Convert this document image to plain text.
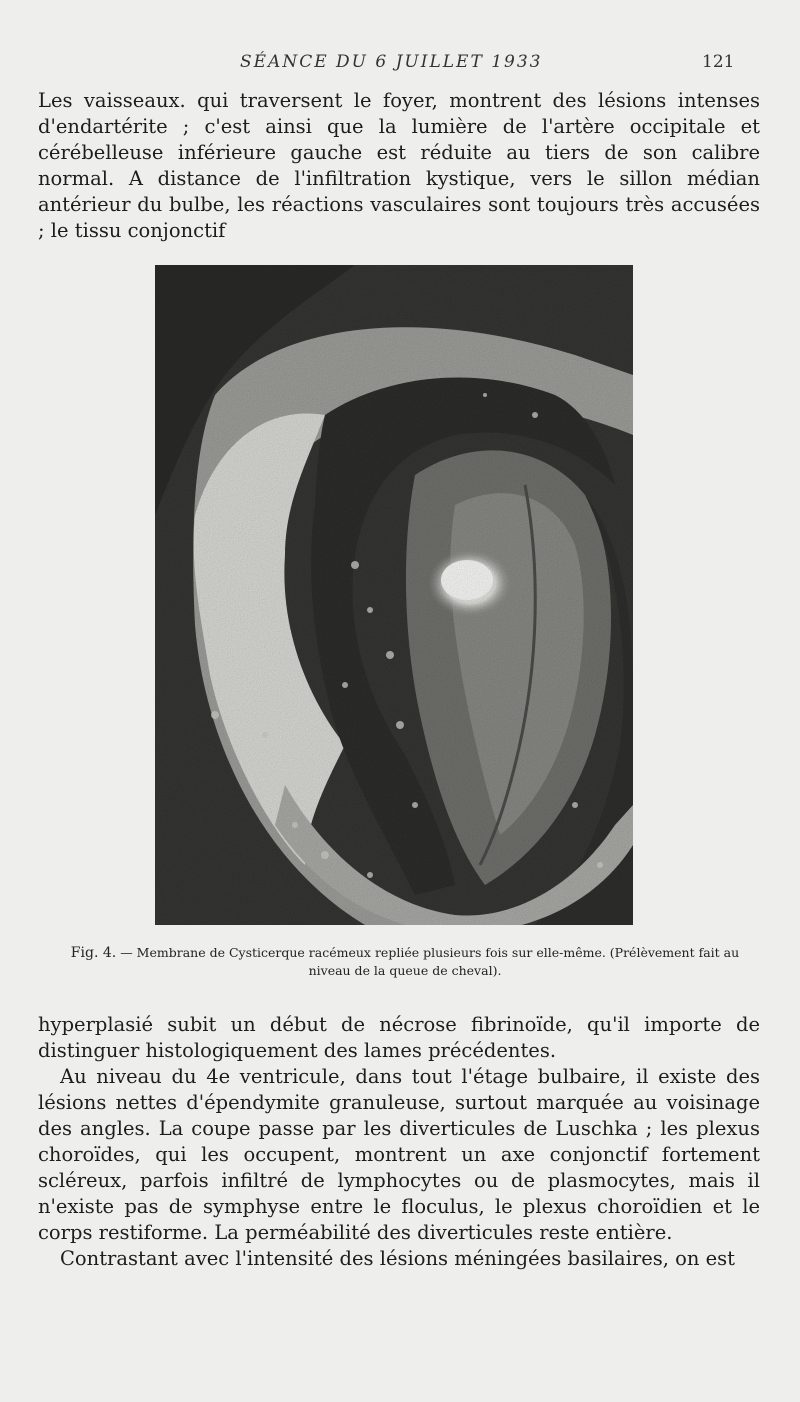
SÉANCE DU 6 JUILLET 1933	121

Les vaisseaux. qui traversent le foyer, montrent des lésions intenses d'endartérite ; c'est ainsi que la lumière de l'artère occipitale et cérébelleuse inférieure gauche est réduite au tiers de son calibre normal. A distance de l'infiltration kystique, vers le sillon médian antérieur du bulbe, les réactions vasculaires sont toujours très accusées ; le tissu conjonctif

Fig. 4. — Membrane de Cysticerque racémeux repliée plusieurs fois sur elle-même. (Prélèvement fait au niveau de la queue de cheval).

hyperplasié subit un début de nécrose fibrinoïde, qu'il importe de distinguer histologiquement des lames précédentes.

Au niveau du 4e ventricule, dans tout l'étage bulbaire, il existe des lésions nettes d'épendymite granuleuse, surtout marquée au voisinage des angles. La coupe passe par les diverticules de Luschka ; les plexus choroïdes, qui les occupent, montrent un axe conjonctif fortement scléreux, parfois infiltré de lymphocytes ou de plasmocytes, mais il n'existe pas de symphyse entre le floculus, le plexus choroïdien et le corps restiforme. La perméabilité des diverticules reste entière.

Contrastant avec l'intensité des lésions méningées basilaires, on est
